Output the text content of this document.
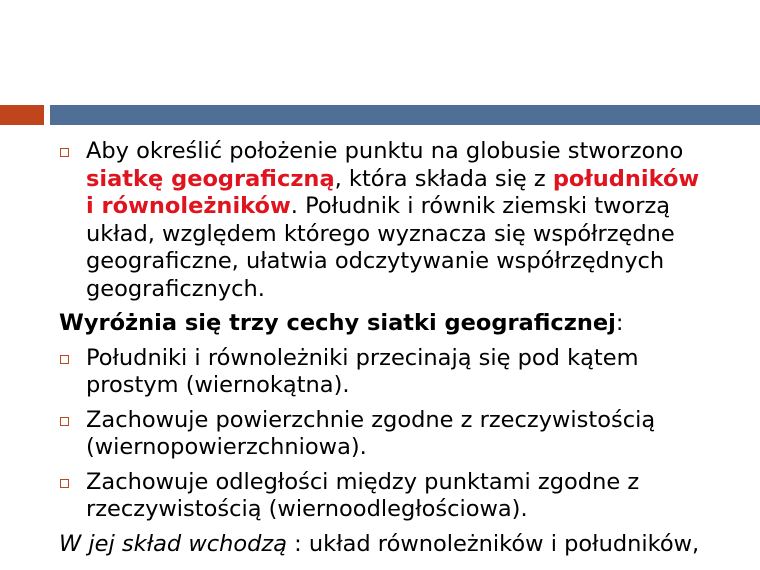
Aby określić położenie punktu na globusie stworzono
siatkę geograficzną, która składa się z południków
i równoleżników. Południk i równik ziemski tworzą
układ, względem którego wyznacza się współrzędne
geograficzne, ułatwia odczytywanie współrzędnych
geograficznych.
Wyróżnia się trzy cechy siatki geograficznej:
Południki i równoleżniki przecinają się pod kątem
prostym (wiernokątna).
Zachowuje powierzchnie zgodne z rzeczywistością
(wiernopowierzchniowa).
Zachowuje odległości między punktami zgodne z
rzeczywistością (wiernoodległościowa).
W jej skład wchodzą : układ równoleżników i południków,
